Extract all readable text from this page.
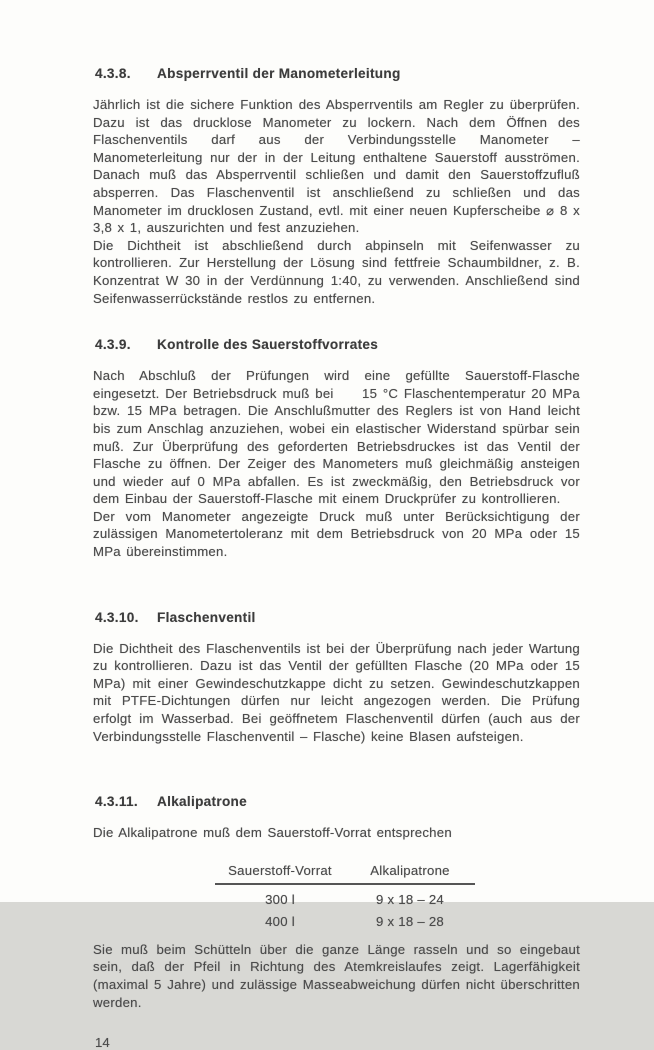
4.3.8.	Absperrventil der Manometerleitung

Jährlich ist die sichere Funktion des Absperrventils am Regler zu überprüfen. Dazu ist das drucklose Manometer zu lockern. Nach dem Öffnen des Flaschenventils darf aus der Verbindungsstelle Manometer – Manometerleitung nur der in der Leitung enthaltene Sauerstoff ausströmen. Danach muß das Absperrventil schließen und damit den Sauerstoffzufluß absperren. Das Flaschenventil ist anschließend zu schließen und das Manometer im drucklosen Zustand, evtl. mit einer neuen Kupferscheibe ⌀ 8 x 3,8 x 1, auszurichten und fest anzuziehen.

Die Dichtheit ist abschließend durch abpinseln mit Seifenwasser zu kontrollieren. Zur Herstellung der Lösung sind fettfreie Schaumbildner, z. B. Konzentrat W 30 in der Verdünnung 1:40, zu verwenden. Anschließend sind Seifenwasserrückstände restlos zu entfernen.

4.3.9.	Kontrolle des Sauerstoffvorrates

Nach Abschluß der Prüfungen wird eine gefüllte Sauerstoff-Flasche eingesetzt. Der Betriebsdruck muß bei     15 °C Flaschentemperatur 20 MPa bzw. 15 MPa betragen. Die Anschlußmutter des Reglers ist von Hand leicht bis zum Anschlag anzuziehen, wobei ein elastischer Widerstand spürbar sein muß. Zur Überprüfung des geforderten Betriebsdruckes ist das Ventil der Flasche zu öffnen. Der Zeiger des Manometers muß gleichmäßig ansteigen und wieder auf 0 MPa abfallen. Es ist zweckmäßig, den Betriebsdruck vor dem Einbau der Sauerstoff-Flasche mit einem Druckprüfer zu kontrollieren.

Der vom Manometer angezeigte Druck muß unter Berücksichtigung der zulässigen Manometertoleranz mit dem Betriebsdruck von 20 MPa oder 15 MPa übereinstimmen.

4.3.10.	Flaschenventil

Die Dichtheit des Flaschenventils ist bei der Überprüfung nach jeder Wartung zu kontrollieren. Dazu ist das Ventil der gefüllten Flasche (20 MPa oder 15 MPa) mit einer Gewindeschutzkappe dicht zu setzen. Gewindeschutzkappen mit PTFE-Dichtungen dürfen nur leicht angezogen werden. Die Prüfung erfolgt im Wasserbad. Bei geöffnetem Flaschenventil dürfen (auch aus der Verbindungsstelle Flaschenventil – Flasche) keine Blasen aufsteigen.

4.3.11.	Alkalipatrone

Die Alkalipatrone muß dem Sauerstoff-Vorrat entsprechen

Sauerstoff-Vorrat	Alkalipatrone
300 l	9 x 18 – 24
400 l	9 x 18 – 28

Sie muß beim Schütteln über die ganze Länge rasseln und so eingebaut sein, daß der Pfeil in Richtung des Atemkreislaufes zeigt. Lagerfähigkeit (maximal 5 Jahre) und zulässige Masseabweichung dürfen nicht überschritten werden.

14
